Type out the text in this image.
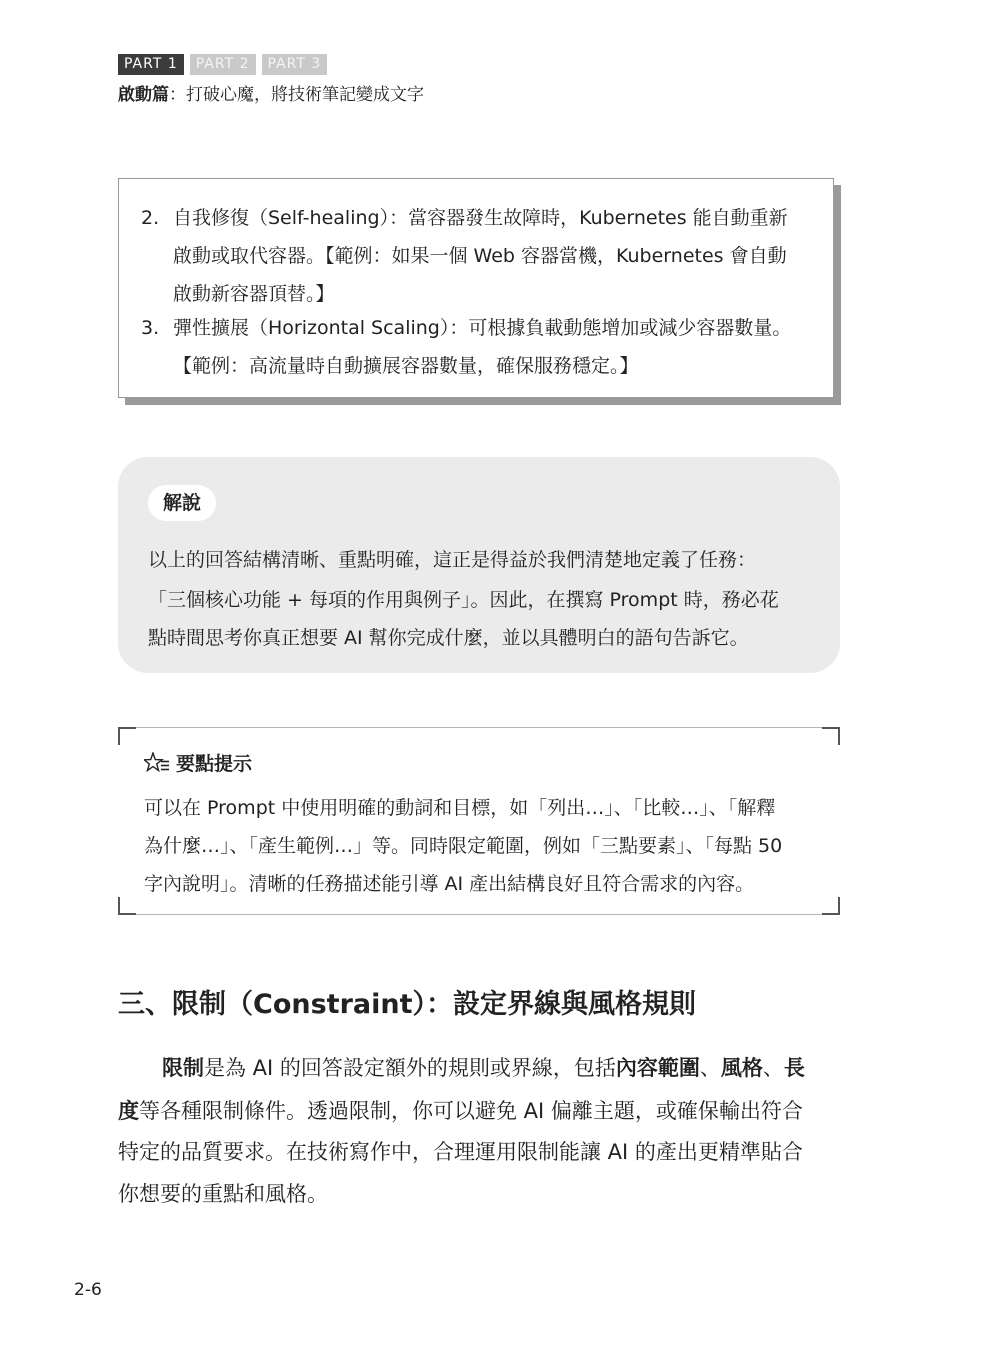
PART 1	PART 2	PART 3
啟動篇：打破心魔，將技術筆記變成文字
2. 自我修復（Self-healing）：當容器發生故障時，Kubernetes 能自動重新
啟動或取代容器。【範例：如果一個 Web 容器當機，Kubernetes 會自動
啟動新容器頂替。】
3. 彈性擴展（Horizontal Scaling）：可根據負載動態增加或減少容器數量。
【範例：高流量時自動擴展容器數量，確保服務穩定。】
解說
以上的回答結構清晰、重點明確，這正是得益於我們清楚地定義了任務：
「三個核心功能 + 每項的作用與例子」。因此，在撰寫 Prompt 時，務必花
點時間思考你真正想要 AI 幫你完成什麼，並以具體明白的語句告訴它。
要點提示
可以在 Prompt 中使用明確的動詞和目標，如「列出…」、「比較…」、「解釋
為什麼…」、「產生範例…」等。同時限定範圍，例如「三點要素」、「每點 50
字內說明」。清晰的任務描述能引導 AI 產出結構良好且符合需求的內容。
三、限制（Constraint）：設定界線與風格規則
限制是為 AI 的回答設定額外的規則或界線，包括內容範圍、風格、長
度等各種限制條件。透過限制，你可以避免 AI 偏離主題，或確保輸出符合
特定的品質要求。在技術寫作中，合理運用限制能讓 AI 的產出更精準貼合
你想要的重點和風格。
2-6
